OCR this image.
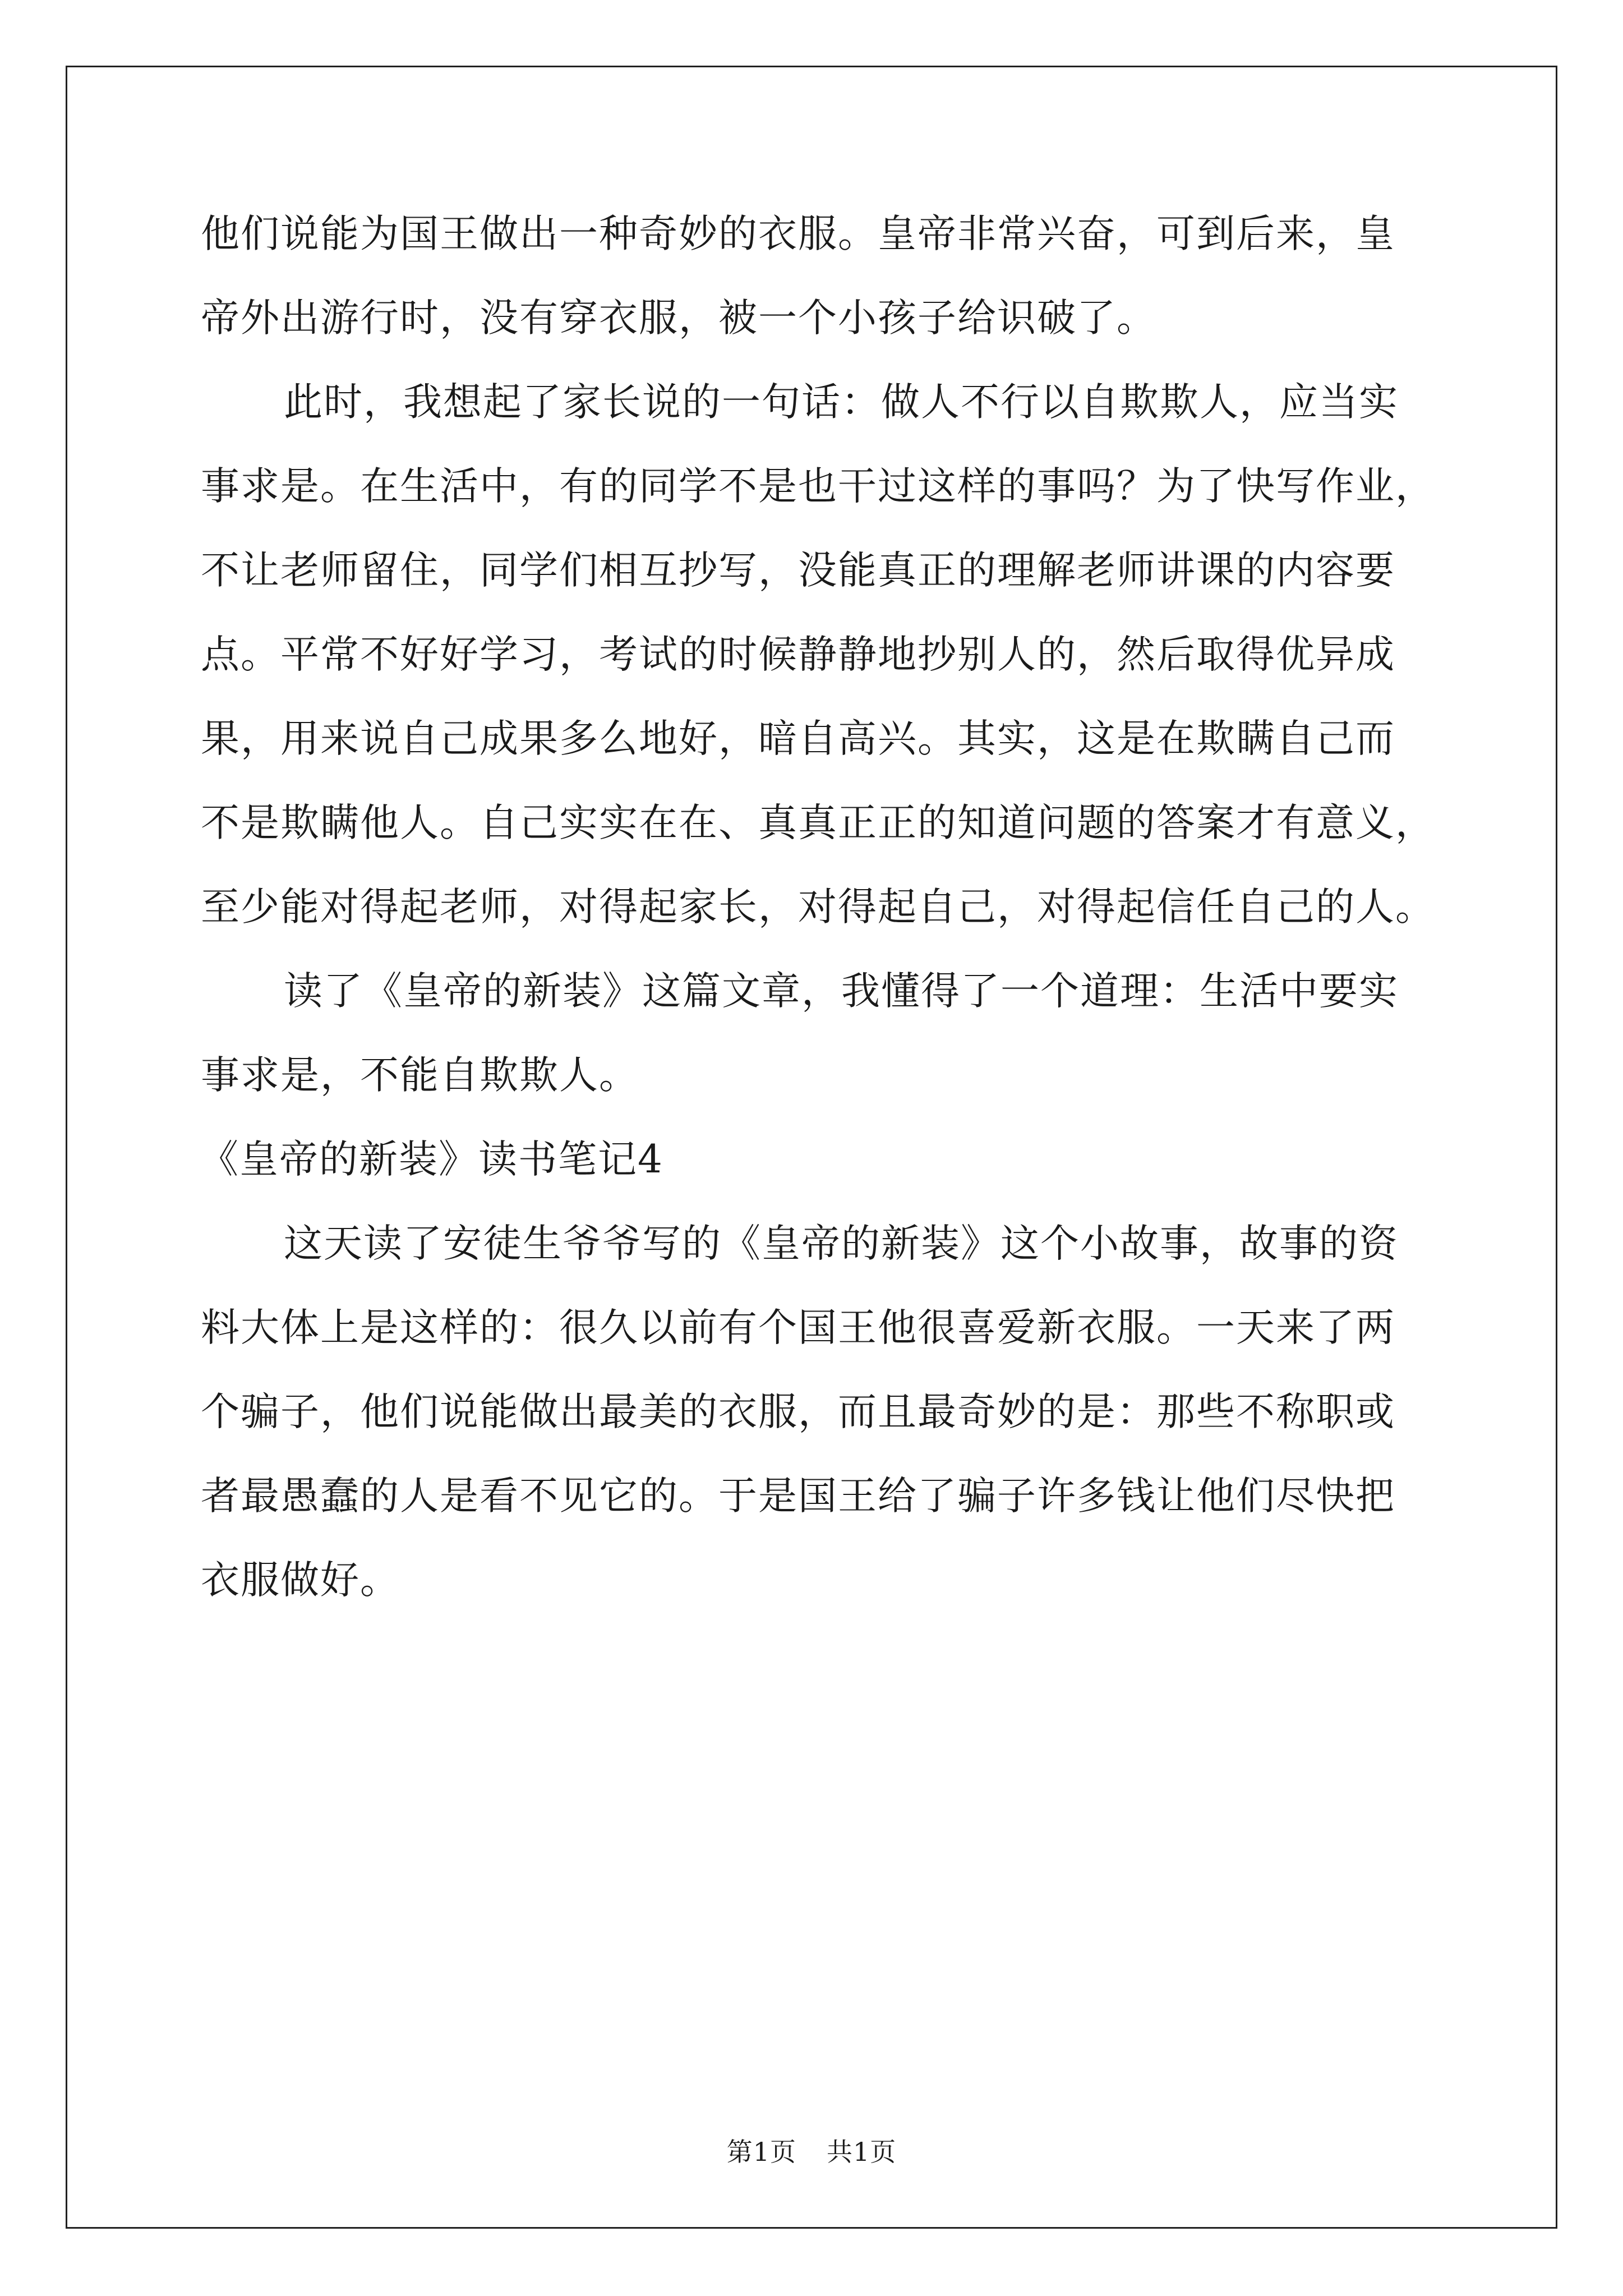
他们说能为国王做出一种奇妙的衣服。皇帝非常兴奋，可到后来，皇
帝外出游行时，没有穿衣服，被一个小孩子给识破了。
此时，我想起了家长说的一句话：做人不行以自欺欺人，应当实
事求是。在生活中，有的同学不是也干过这样的事吗？为了快写作业，
不让老师留住，同学们相互抄写，没能真正的理解老师讲课的内容要
点。平常不好好学习，考试的时候静静地抄别人的，然后取得优异成
果，用来说自己成果多么地好，暗自高兴。其实，这是在欺瞒自己而
不是欺瞒他人。自己实实在在、真真正正的知道问题的答案才有意义，
至少能对得起老师，对得起家长，对得起自己，对得起信任自己的人。
读了《皇帝的新装》这篇文章，我懂得了一个道理：生活中要实
事求是，不能自欺欺人。
《皇帝的新装》读书笔记4
这天读了安徒生爷爷写的《皇帝的新装》这个小故事，故事的资
料大体上是这样的：很久以前有个国王他很喜爱新衣服。一天来了两
个骗子，他们说能做出最美的衣服，而且最奇妙的是：那些不称职或
者最愚蠢的人是看不见它的。于是国王给了骗子许多钱让他们尽快把
衣服做好。
第1页 共1页
